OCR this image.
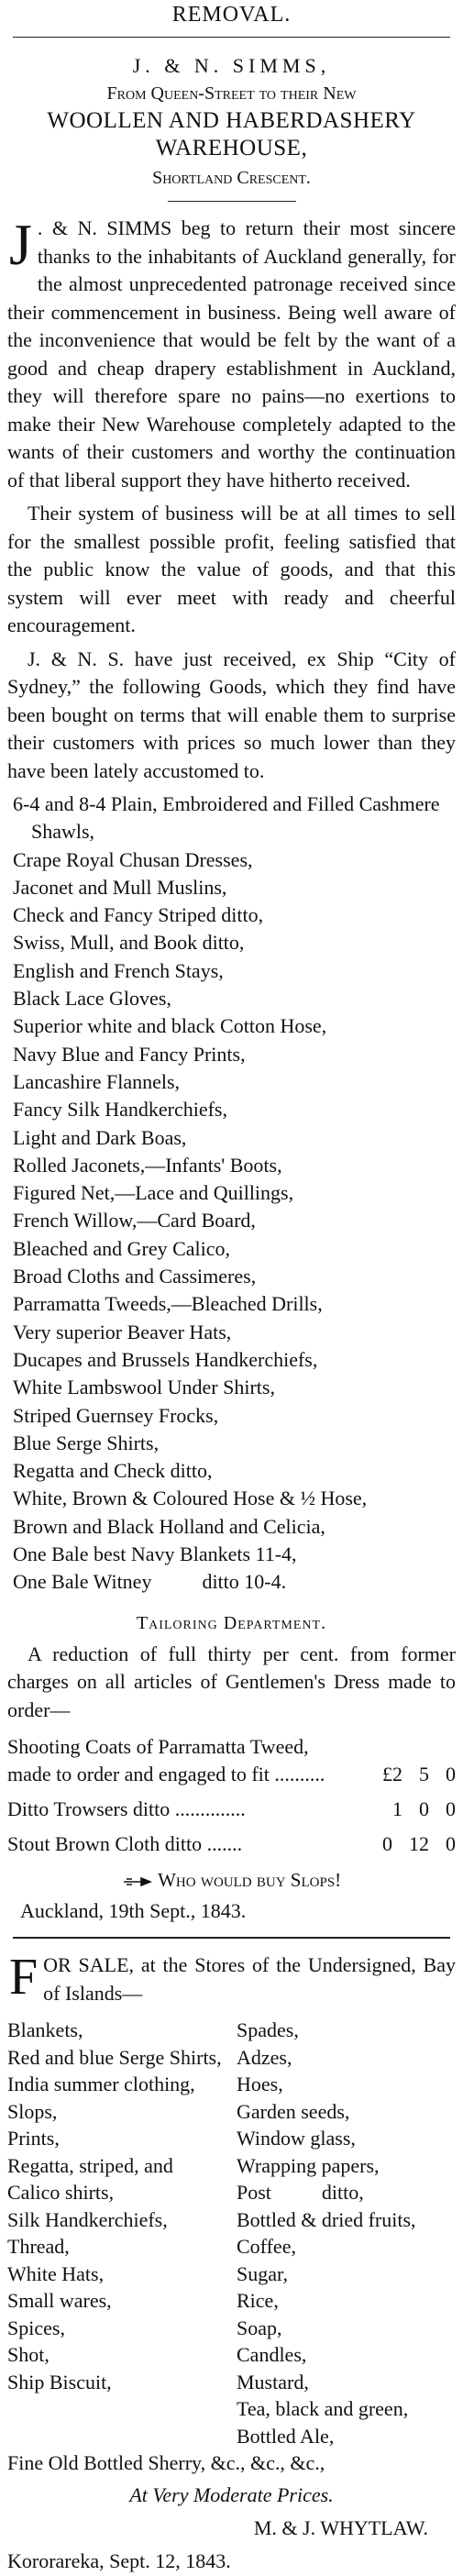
REMOVAL.
J. & N. SIMMS,
From Queen-Street to their New
WOOLLEN AND HABERDASHERY
WAREHOUSE,
Shortland Crescent.

J . & N. SIMMS beg to return their most sincere thanks to the inhabitants of Auckland generally, for the almost unprecedented patronage received since their commencement in business. Being well aware of the inconvenience that would be felt by the want of a good and cheap drapery establishment in Auckland, they will therefore spare no pains—no exertions to make their New Warehouse completely adapted to the wants of their customers and worthy the continuation of that liberal support they have hitherto received.

Their system of business will be at all times to sell for the smallest possible profit, feeling satisfied that the public know the value of goods, and that this system will ever meet with ready and cheerful encouragement.

J. & N. S. have just received, ex Ship “City of Sydney,” the following Goods, which they find have been bought on terms that will enable them to surprise their customers with prices so much lower than they have been lately accustomed to.

6-4 and 8-4 Plain, Embroidered and Filled Cashmere Shawls,
Crape Royal Chusan Dresses,
Jaconet and Mull Muslins,
Check and Fancy Striped ditto,
Swiss, Mull, and Book ditto,
English and French Stays,
Black Lace Gloves,
Superior white and black Cotton Hose,
Navy Blue and Fancy Prints,
Lancashire Flannels,
Fancy Silk Handkerchiefs,
Light and Dark Boas,
Rolled Jaconets,—Infants' Boots,
Figured Net,—Lace and Quillings,
French Willow,—Card Board,
Bleached and Grey Calico,
Broad Cloths and Cassimeres,
Parramatta Tweeds,—Bleached Drills,
Very superior Beaver Hats,
Ducapes and Brussels Handkerchiefs,
White Lambswool Under Shirts,
Striped Guernsey Frocks,
Blue Serge Shirts,
Regatta and Check ditto,
White, Brown & Coloured Hose & ½ Hose,
Brown and Black Holland and Celicia,
One Bale best Navy Blankets 11-4,
One Bale Witney          ditto 10-4.
Tailoring Department.

A reduction of full thirty per cent. from former charges on all articles of Gentlemen's Dress made to order—

Shooting Coats of Parramatta Tweed, made to order and engaged to fit ..........	£2 5 0
Ditto Trowsers ditto ..............	1 0 0
Stout Brown Cloth ditto .......	0 12 0
Who would buy Slops!
Auckland, 19th Sept., 1843.

F OR SALE, at the Stores of the Undersigned, Bay of Islands—

Blankets,
Red and blue Serge Shirts,
India summer clothing,
Slops,
Prints,
Regatta, striped, and
Calico shirts,
Silk Handkerchiefs,
Thread,
White Hats,
Small wares,
Spices,
Shot,
Ship Biscuit,
Spades,
Adzes,
Hoes,
Garden seeds,
Window glass,
Wrapping papers,
Post          ditto,
Bottled & dried fruits,
Coffee,
Sugar,
Rice,
Soap,
Candles,
Mustard,
Tea, black and green,
Bottled Ale,
Fine Old Bottled Sherry, &c., &c., &c.,
At Very Moderate Prices.
M. & J. WHYTLAW.
Kororareka, Sept. 12, 1843.
